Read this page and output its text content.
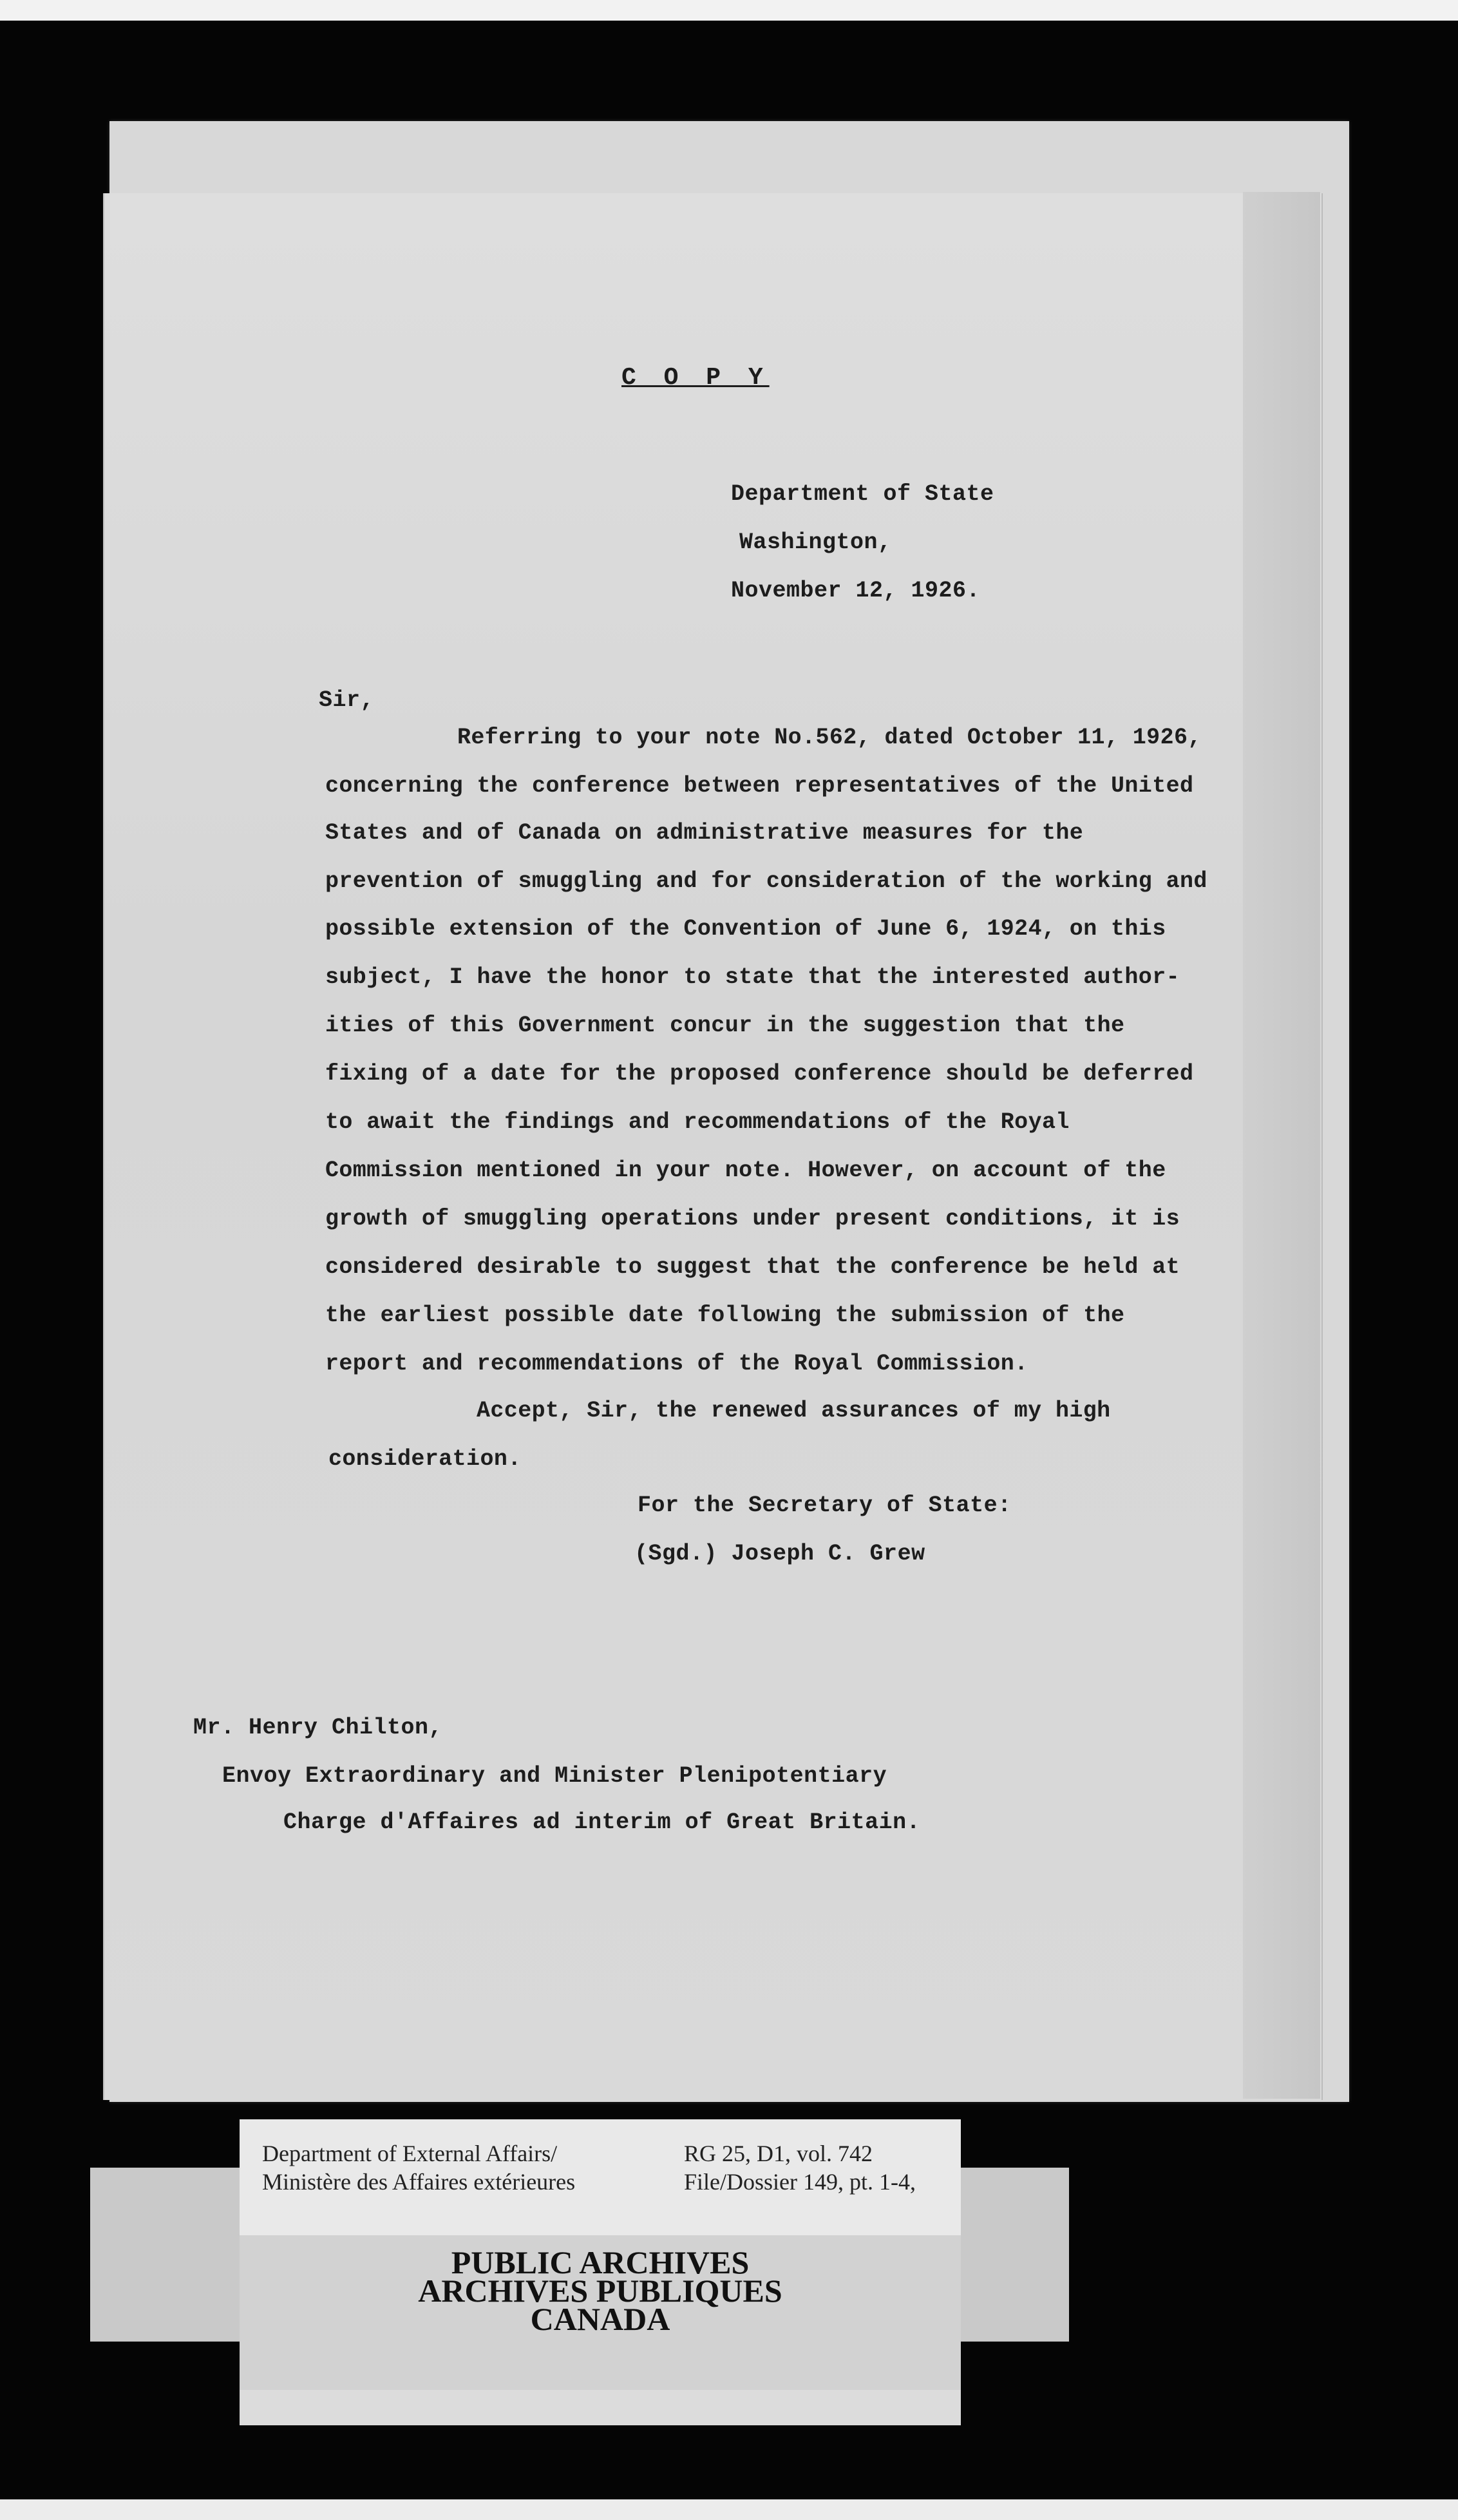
C O P Y
Department of State
Washington,
November 12, 1926.
Sir,
Referring to your note No.562, dated October 11, 1926,
concerning the conference between representatives of the United
States and of Canada on administrative measures for the
prevention of smuggling and for consideration of the working and
possible extension of the Convention of June 6, 1924, on this
subject, I have the honor to state that the interested author-
ities of this Government concur in the suggestion that the
fixing of a date for the proposed conference should be deferred
to await the findings and recommendations of the Royal
Commission mentioned in your note. However, on account of the
growth of smuggling operations under present conditions, it is
considered desirable to suggest that the conference be held at
the earliest possible date following the submission of the
report and recommendations of the Royal Commission.
Accept, Sir, the renewed assurances of my high
consideration.
For the Secretary of State:
(Sgd.) Joseph C. Grew
Mr. Henry Chilton,
Envoy Extraordinary and Minister Plenipotentiary
Charge d'Affaires ad interim of Great Britain.
Department of External Affairs/
Ministère des Affaires extérieures
RG 25, D1, vol. 742
File/Dossier 149, pt. 1-4,
PUBLIC ARCHIVES
ARCHIVES PUBLIQUES
CANADA
